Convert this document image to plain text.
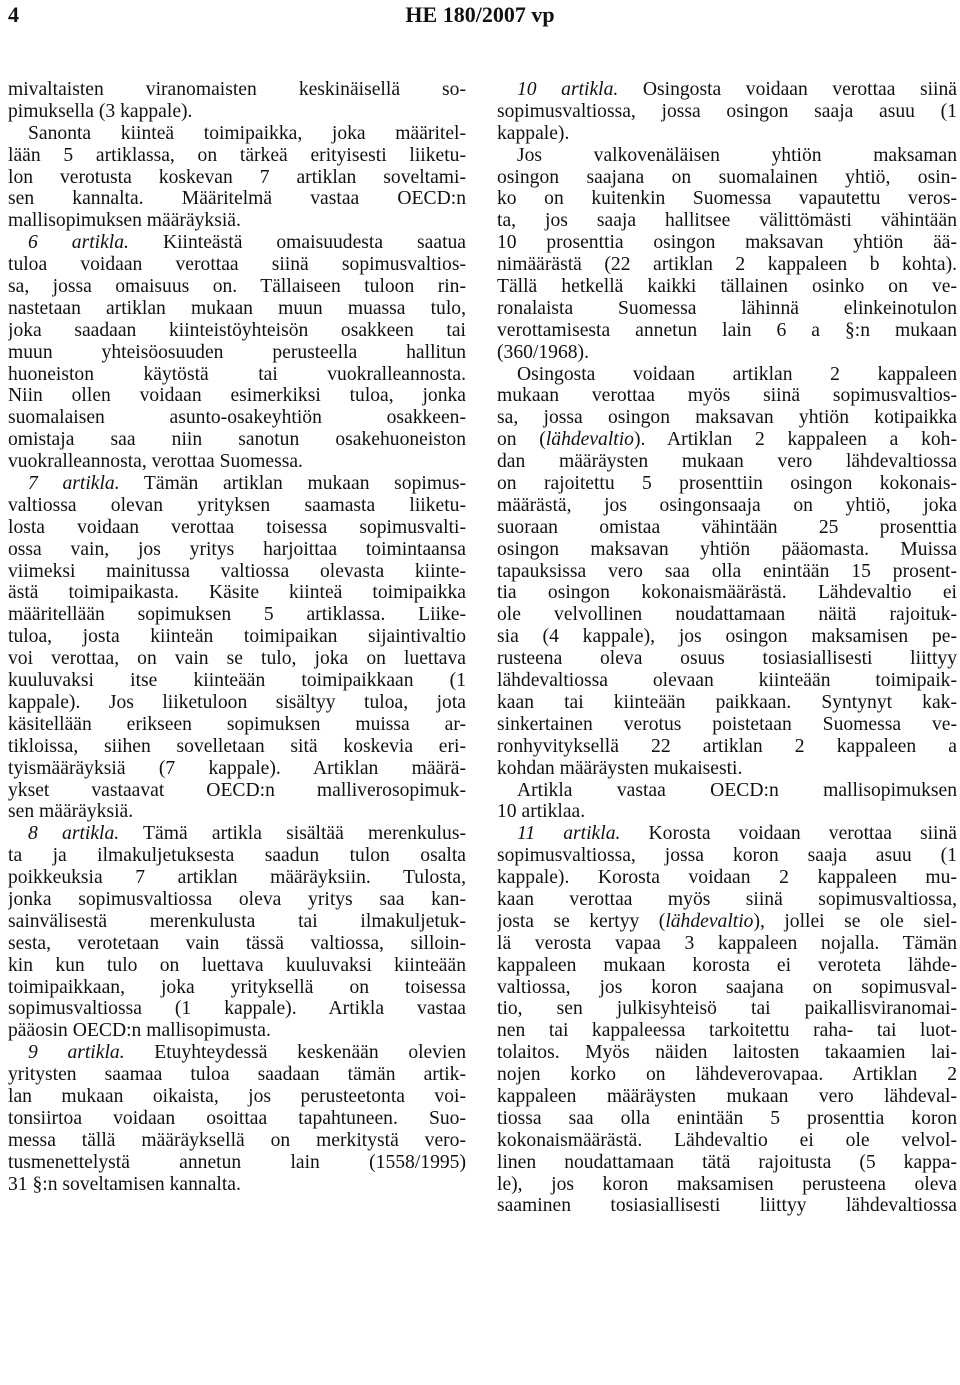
4	HE 180/2007 vp
mivaltaisten viranomaisten keskinäisellä so-
pimuksella (3 kappale).
Sanonta kiinteä toimipaikka, joka määritel-
lään 5 artiklassa, on tärkeä erityisesti liiketu-
lon verotusta koskevan 7 artiklan soveltami-
sen kannalta. Määritelmä vastaa OECD:n
mallisopimuksen määräyksiä.
6 artikla. Kiinteästä omaisuudesta saatua
tuloa voidaan verottaa siinä sopimusvaltios-
sa, jossa omaisuus on. Tällaiseen tuloon rin-
nastetaan artiklan mukaan muun muassa tulo,
joka saadaan kiinteistöyhteisön osakkeen tai
muun yhteisöosuuden perusteella hallitun
huoneiston käytöstä tai vuokralleannosta.
Niin ollen voidaan esimerkiksi tuloa, jonka
suomalaisen asunto-osakeyhtiön osakkeen-
omistaja saa niin sanotun osakehuoneiston
vuokralleannosta, verottaa Suomessa.
7 artikla. Tämän artiklan mukaan sopimus-
valtiossa olevan yrityksen saamasta liiketu-
losta voidaan verottaa toisessa sopimusvalti-
ossa vain, jos yritys harjoittaa toimintaansa
viimeksi mainitussa valtiossa olevasta kiinte-
ästä toimipaikasta. Käsite kiinteä toimipaikka
määritellään sopimuksen 5 artiklassa. Liike-
tuloa, josta kiinteän toimipaikan sijaintivaltio
voi verottaa, on vain se tulo, joka on luettava
kuuluvaksi itse kiinteään toimipaikkaan (1
kappale). Jos liiketuloon sisältyy tuloa, jota
käsitellään erikseen sopimuksen muissa ar-
tikloissa, siihen sovelletaan sitä koskevia eri-
tyismääräyksiä (7 kappale). Artiklan määrä-
ykset vastaavat OECD:n malliverosopimuk-
sen määräyksiä.
8 artikla. Tämä artikla sisältää merenkulus-
ta ja ilmakuljetuksesta saadun tulon osalta
poikkeuksia 7 artiklan määräyksiin. Tulosta,
jonka sopimusvaltiossa oleva yritys saa kan-
sainvälisestä merenkulusta tai ilmakuljetuk-
sesta, verotetaan vain tässä valtiossa, silloin-
kin kun tulo on luettava kuuluvaksi kiinteään
toimipaikkaan, joka yrityksellä on toisessa
sopimusvaltiossa (1 kappale). Artikla vastaa
pääosin OECD:n mallisopimusta.
9 artikla. Etuyhteydessä keskenään olevien
yritysten saamaa tuloa saadaan tämän artik-
lan mukaan oikaista, jos perusteetonta voi-
tonsiirtoa voidaan osoittaa tapahtuneen. Suo-
messa tällä määräyksellä on merkitystä vero-
tusmenettelystä annetun lain (1558/1995)
31 §:n soveltamisen kannalta.
10 artikla. Osingosta voidaan verottaa siinä
sopimusvaltiossa, jossa osingon saaja asuu (1
kappale).
Jos valkovenäläisen yhtiön maksaman
osingon saajana on suomalainen yhtiö, osin-
ko on kuitenkin Suomessa vapautettu veros-
ta, jos saaja hallitsee välittömästi vähintään
10 prosenttia osingon maksavan yhtiön ää-
nimäärästä (22 artiklan 2 kappaleen b kohta).
Tällä hetkellä kaikki tällainen osinko on ve-
ronalaista Suomessa lähinnä elinkeinotulon
verottamisesta annetun lain 6 a §:n mukaan
(360/1968).
Osingosta voidaan artiklan 2 kappaleen
mukaan verottaa myös siinä sopimusvaltios-
sa, jossa osingon maksavan yhtiön kotipaikka
on (lähdevaltio). Artiklan 2 kappaleen a koh-
dan määräysten mukaan vero lähdevaltiossa
on rajoitettu 5 prosenttiin osingon kokonais-
määrästä, jos osingonsaaja on yhtiö, joka
suoraan omistaa vähintään 25 prosenttia
osingon maksavan yhtiön pääomasta. Muissa
tapauksissa vero saa olla enintään 15 prosent-
tia osingon kokonaismäärästä. Lähdevaltio ei
ole velvollinen noudattamaan näitä rajoituk-
sia (4 kappale), jos osingon maksamisen pe-
rusteena oleva osuus tosiasiallisesti liittyy
lähdevaltiossa olevaan kiinteään toimipaik-
kaan tai kiinteään paikkaan. Syntynyt kak-
sinkertainen verotus poistetaan Suomessa ve-
ronhyvityksellä 22 artiklan 2 kappaleen a
kohdan määräysten mukaisesti.
Artikla vastaa OECD:n mallisopimuksen
10 artiklaa.
11 artikla. Korosta voidaan verottaa siinä
sopimusvaltiossa, jossa koron saaja asuu (1
kappale). Korosta voidaan 2 kappaleen mu-
kaan verottaa myös siinä sopimusvaltiossa,
josta se kertyy (lähdevaltio), jollei se ole siel-
lä verosta vapaa 3 kappaleen nojalla. Tämän
kappaleen mukaan korosta ei veroteta lähde-
valtiossa, jos koron saajana on sopimusval-
tio, sen julkisyhteisö tai paikallisviranomai-
nen tai kappaleessa tarkoitettu raha- tai luot-
tolaitos. Myös näiden laitosten takaamien lai-
nojen korko on lähdeverovapaa. Artiklan 2
kappaleen määräysten mukaan vero lähdeval-
tiossa saa olla enintään 5 prosenttia koron
kokonaismäärästä. Lähdevaltio ei ole velvol-
linen noudattamaan tätä rajoitusta (5 kappa-
le), jos koron maksamisen perusteena oleva
saaminen tosiasiallisesti liittyy lähdevaltiossa
